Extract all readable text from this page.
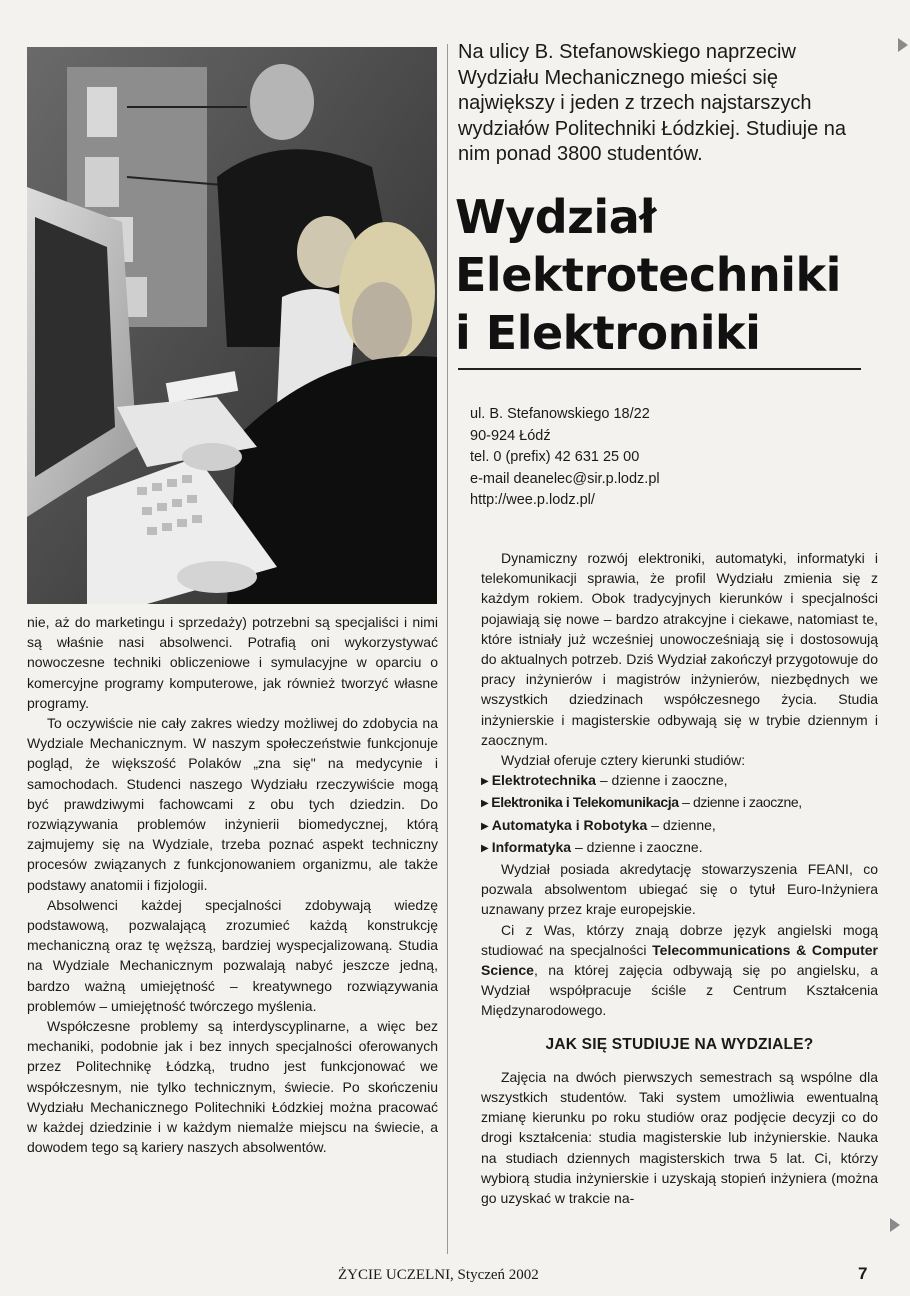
nie, aż do marketingu i sprzedaży) potrzebni są specjaliści i nimi są właśnie nasi absolwenci. Potrafią oni wykorzystywać nowoczesne techniki obliczeniowe i symulacyjne w oparciu o komercyjne programy komputerowe, jak również tworzyć własne programy.

To oczywiście nie cały zakres wiedzy możliwej do zdobycia na Wydziale Mechanicznym. W naszym społeczeństwie funkcjonuje pogląd, że większość Polaków „zna się" na medycynie i samochodach. Studenci naszego Wydziału rzeczywiście mogą być prawdziwymi fachowcami z obu tych dziedzin. Do rozwiązywania problemów inżynierii biomedycznej, którą zajmujemy się na Wydziale, trzeba poznać aspekt techniczny procesów związanych z funkcjonowaniem organizmu, ale także podstawy anatomii i fizjologii.

Absolwenci każdej specjalności zdobywają wiedzę podstawową, pozwalającą zrozumieć każdą konstrukcję mechaniczną oraz tę węższą, bardziej wyspecjalizowaną. Studia na Wydziale Mechanicznym pozwalają nabyć jeszcze jedną, bardzo ważną umiejętność – kreatywnego rozwiązywania problemów – umiejętność twórczego myślenia.

Współczesne problemy są interdyscyplinarne, a więc bez mechaniki, podobnie jak i bez innych specjalności oferowanych przez Politechnikę Łódzką, trudno jest funkcjonować we współczesnym, nie tylko technicznym, świecie. Po skończeniu Wydziału Mechanicznego Politechniki Łódzkiej można pracować w każdej dziedzinie i w każdym niemalże miejscu na świecie, a dowodem tego są kariery naszych absolwentów.

Na ulicy B. Stefanowskiego naprzeciw Wydziału Mechanicznego mieści się największy i jeden z trzech najstarszych wydziałów Politechniki Łódzkiej. Studiuje na nim ponad 3800 studentów.
Wydział
Elektrotechniki
i Elektroniki
ul. B. Stefanowskiego 18/22
90-924 Łódź
tel. 0 (prefix) 42 631 25 00
e-mail deanelec@sir.p.lodz.pl
http://wee.p.lodz.pl/

Dynamiczny rozwój elektroniki, automatyki, informatyki i telekomunikacji sprawia, że profil Wydziału zmienia się z każdym rokiem. Obok tradycyjnych kierunków i specjalności pojawiają się nowe – bardzo atrakcyjne i ciekawe, natomiast te, które istniały już wcześniej unowocześniają się i dostosowują do aktualnych potrzeb. Dziś Wydział zakończył przygotowuje do pracy inżynierów i magistrów inżynierów, niezbędnych we wszystkich dziedzinach współczesnego życia. Studia inżynierskie i magisterskie odbywają się w trybie dziennym i zaocznym.

Wydział oferuje cztery kierunki studiów:

▶ Elektrotechnika – dzienne i zaoczne,

▶ Elektronika i Telekomunikacja – dzienne i zaoczne,

▶ Automatyka i Robotyka – dzienne,

▶ Informatyka – dzienne i zaoczne.

Wydział posiada akredytację stowarzyszenia FEANI, co pozwala absolwentom ubiegać się o tytuł Euro-Inżyniera uznawany przez kraje europejskie.

Ci z Was, którzy znają dobrze język angielski mogą studiować na specjalności Telecommunications & Computer Science, na której zajęcia odbywają się po angielsku, a Wydział współpracuje ściśle z Centrum Kształcenia Międzynarodowego.

JAK SIĘ STUDIUJE NA WYDZIALE?

Zajęcia na dwóch pierwszych semestrach są wspólne dla wszystkich studentów. Taki system umożliwia ewentualną zmianę kierunku po roku studiów oraz podjęcie decyzji co do drogi kształcenia: studia magisterskie lub inżynierskie. Nauka na studiach dziennych magisterskich trwa 5 lat. Ci, którzy wybiorą studia inżynierskie i uzyskają stopień inżyniera (można go uzyskać w trakcie na-

ŻYCIE UCZELNI, Styczeń 2002	7
